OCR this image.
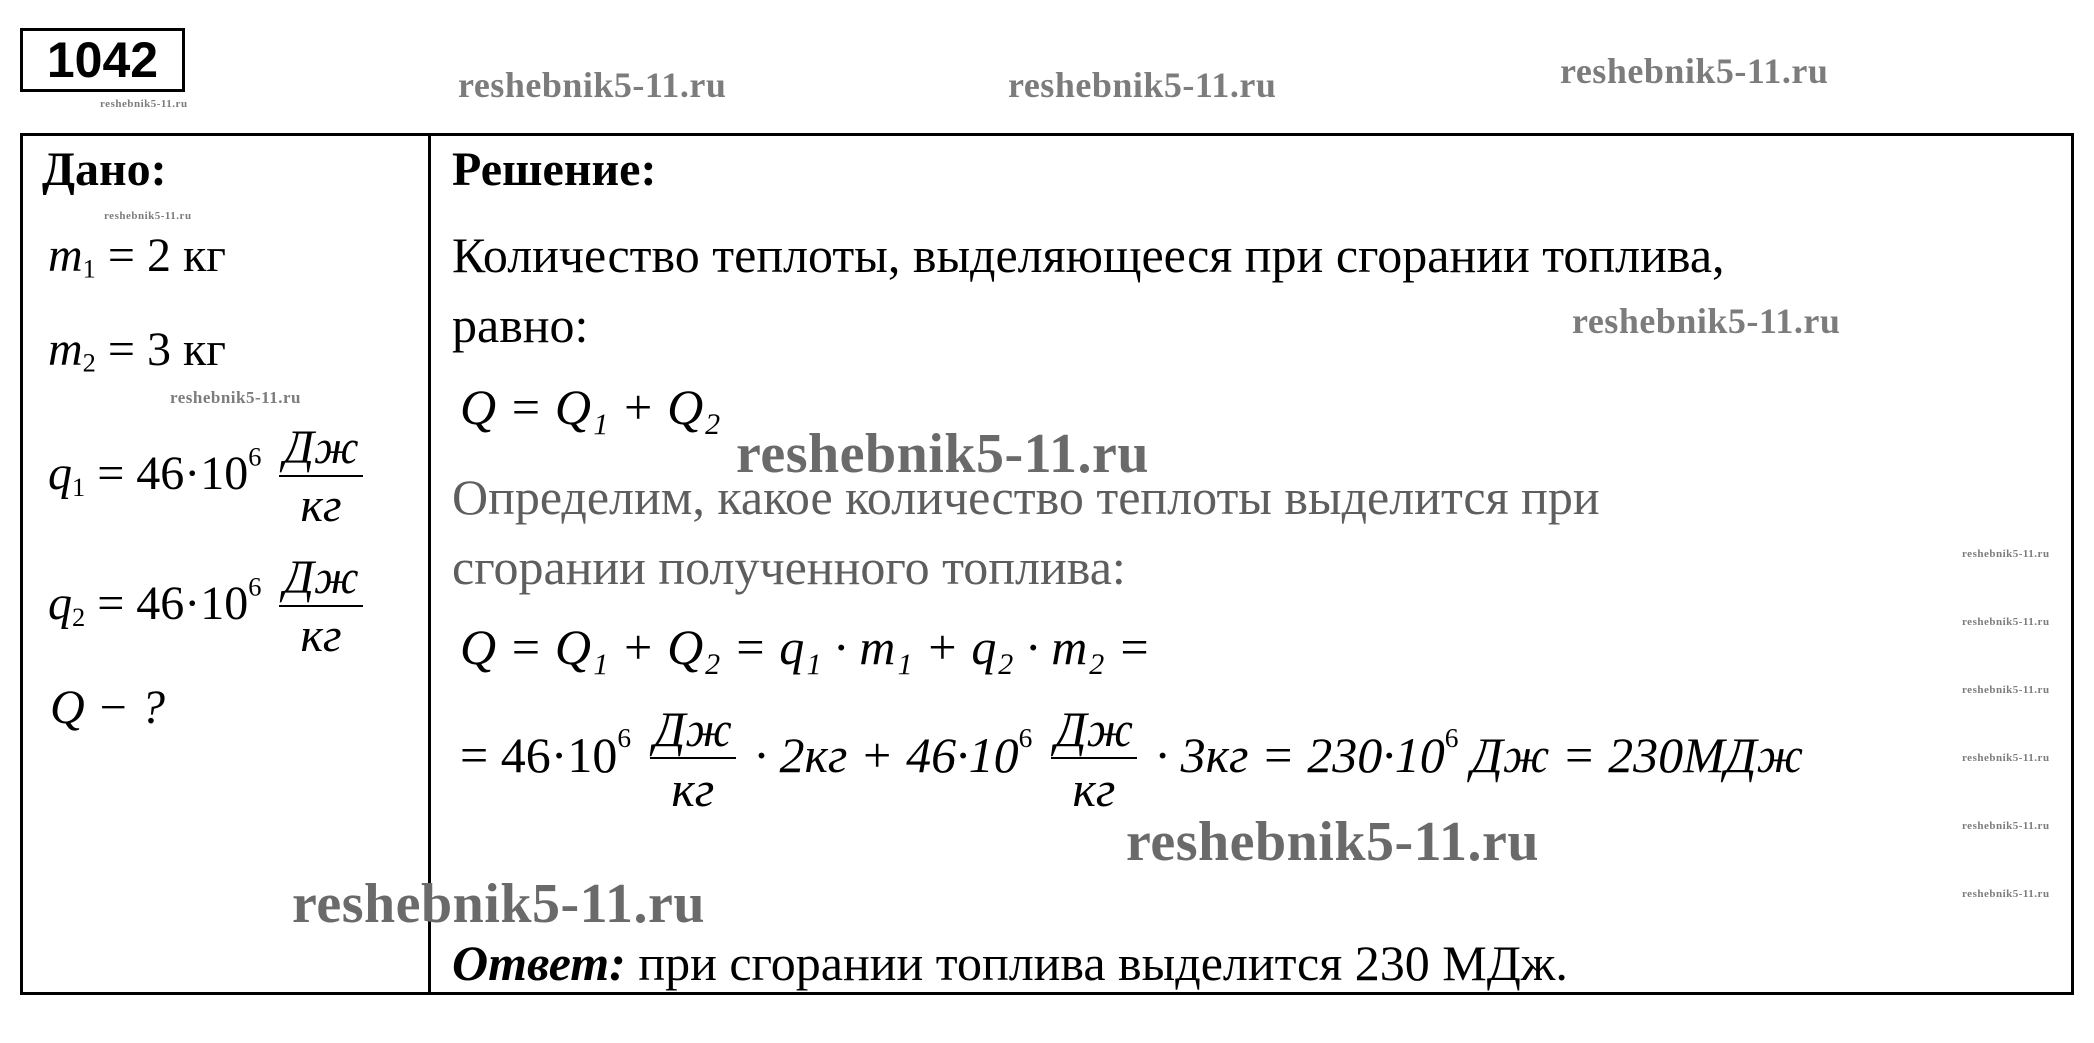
1042
reshebnik5-11.ru	reshebnik5-11.ru	reshebnik5-11.ru	reshebnik5-11.ru
Дано:
reshebnik5-11.ru
$m_1 = 2$ кг
$m_2 = 3$ кг
reshebnik5-11.ru
$q_1 = 46\cdot 10^6 \frac{Дж}{кг}$
$q_2 = 46\cdot 10^6 \frac{Дж}{кг}$
Q − ?
Решение:
Количество теплоты, выделяющееся при сгорании топлива,
равно:	reshebnik5-11.ru
Q = Q₁ + Q₂
Определим, какое количество теплоты выделится при
сгорании полученного топлива:
reshebnik5-11.ru
reshebnik5-11.ru
reshebnik5-11.ru
reshebnik5-11.ru
reshebnik5-11.ru
reshebnik5-11.ru
reshebnik5-11.ru
Q = Q₁ + Q₂ = q₁ · m₁ + q₂ · m₂ =
= $46\cdot 10^6 \frac{Дж}{кг} \cdot 2кг + 46\cdot 10^6 \frac{Дж}{кг} \cdot 3кг = 230\cdot 10^6$ Дж = 230МДж
reshebnik5-11.ru
reshebnik5-11.ru
Ответ: при сгорании топлива выделится 230 МДж.
